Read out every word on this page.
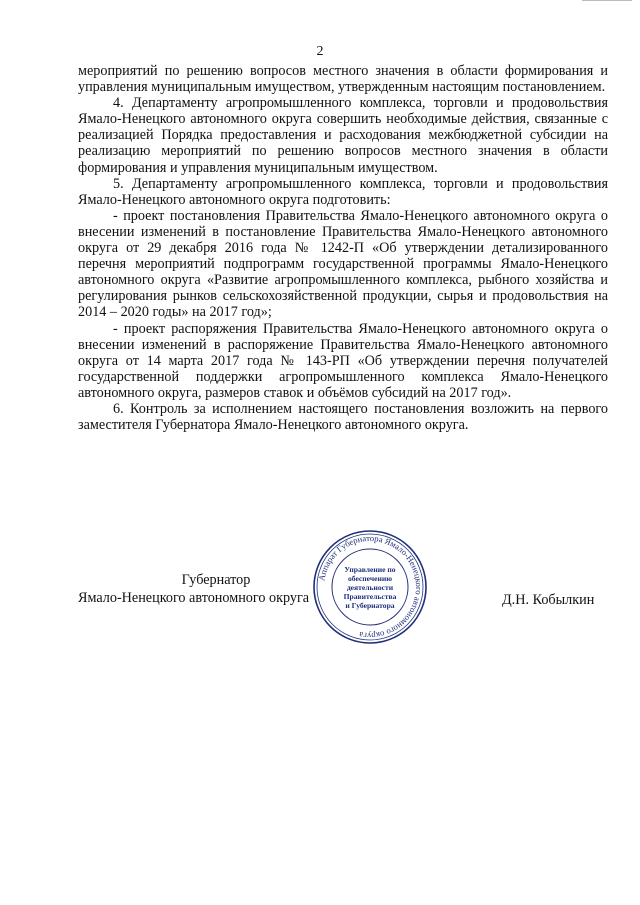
2

мероприятий по решению вопросов местного значения в области формирования и управления муниципальным имуществом, утвержденным настоящим постановлением.

4. Департаменту агропромышленного комплекса, торговли и продовольствия Ямало-Ненецкого автономного округа совершить необходимые действия, связанные с реализацией Порядка предоставления и расходования межбюджетной субсидии на реализацию мероприятий по решению вопросов местного значения в области формирования и управления муниципальным имуществом.

5. Департаменту агропромышленного комплекса, торговли и продовольствия Ямало-Ненецкого автономного округа подготовить:

- проект постановления Правительства Ямало-Ненецкого автономного округа о внесении изменений в постановление Правительства Ямало-Ненецкого автономного округа от 29 декабря 2016 года № 1242-П «Об утверждении детализированного перечня мероприятий подпрограмм государственной программы Ямало-Ненецкого автономного округа «Развитие агропромышленного комплекса, рыбного хозяйства и регулирования рынков сельскохозяйственной продукции, сырья и продовольствия на 2014 – 2020 годы» на 2017 год»;

- проект распоряжения Правительства Ямало-Ненецкого автономного округа о внесении изменений в распоряжение Правительства Ямало-Ненецкого автономного округа от 14 марта 2017 года № 143-РП «Об утверждении перечня получателей государственной поддержки агропромышленного комплекса Ямало-Ненецкого автономного округа, размеров ставок и объёмов субсидий на 2017 год».

6. Контроль за исполнением настоящего постановления возложить на первого заместителя Губернатора Ямало-Ненецкого автономного округа.

Губернатор
Ямало-Ненецкого автономного округа
Аппарат Губернатора Ямало-Ненецкого автономного округа
Управление по
обеспечению
деятельности
Правительства
и Губернатора	Д.Н. Кобылкин
